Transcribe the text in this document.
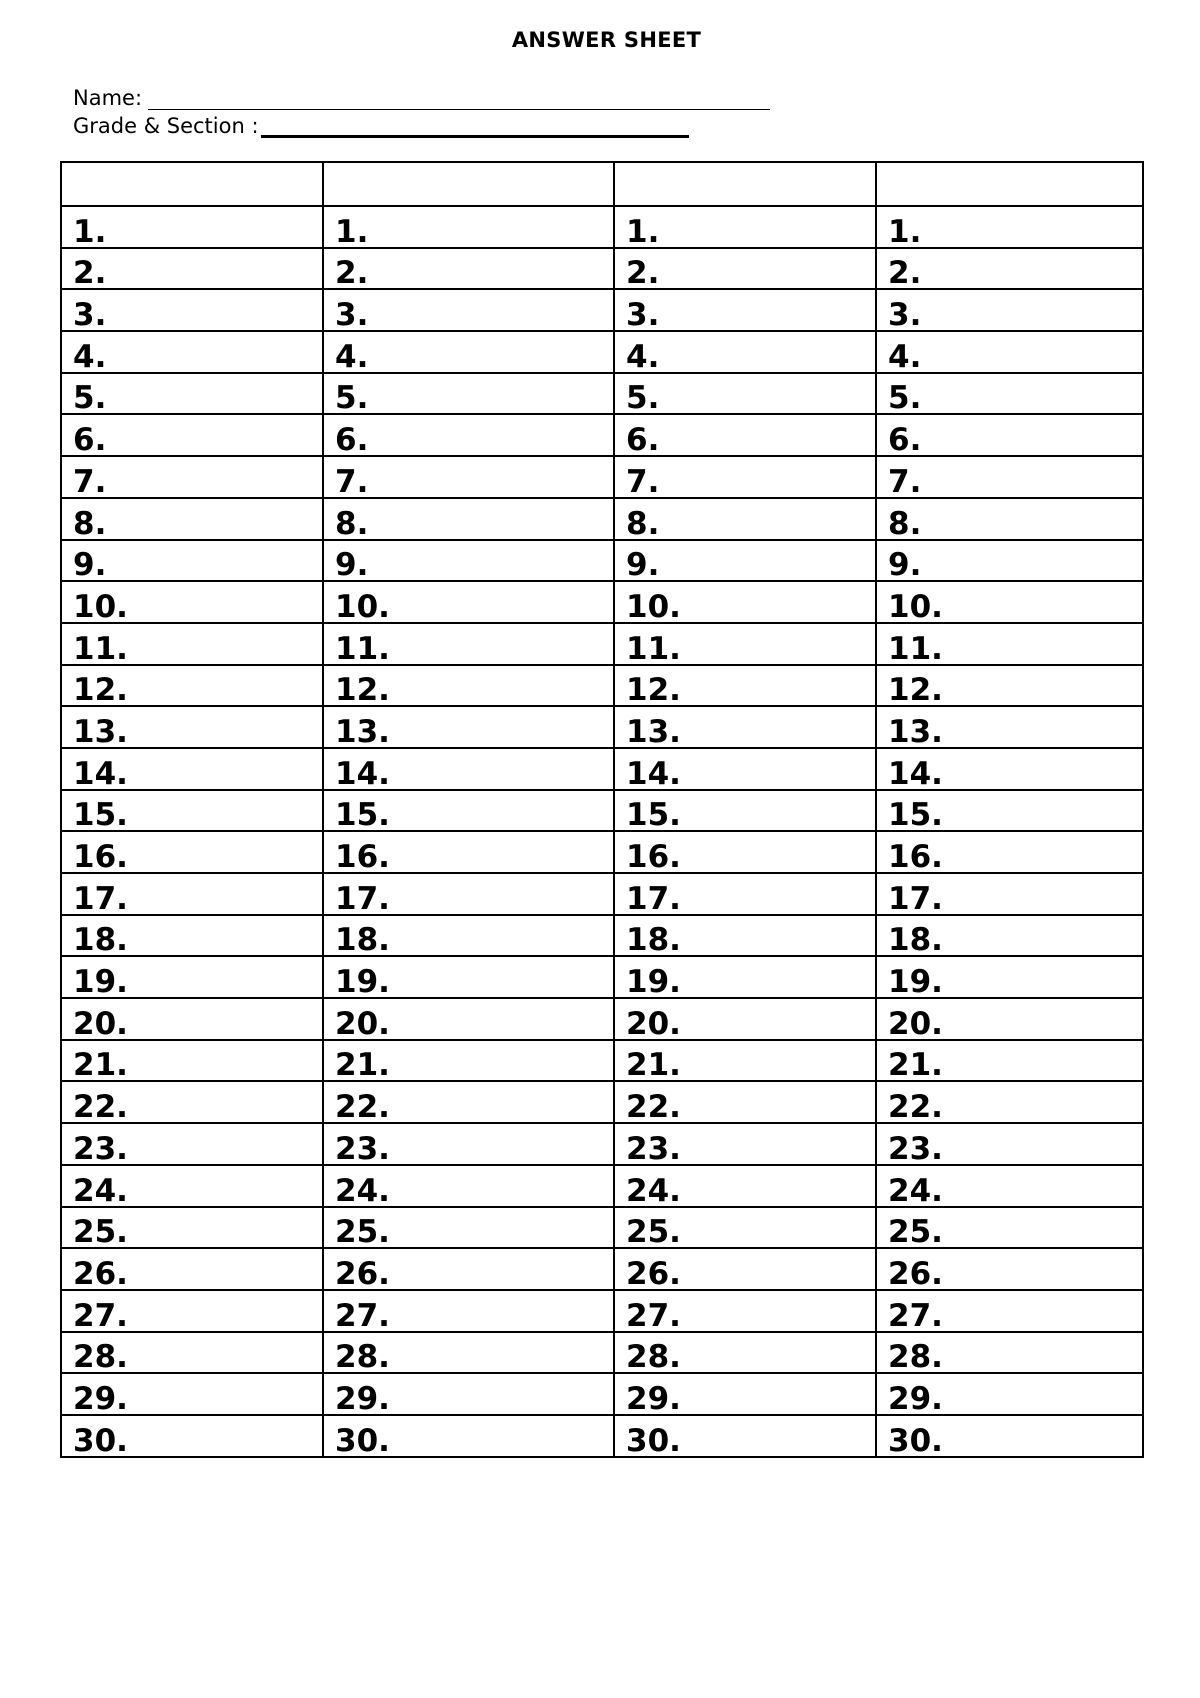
ANSWER SHEET
Name:
Grade & Section :

1.	1.	1.	1.
2.	2.	2.	2.
3.	3.	3.	3.
4.	4.	4.	4.
5.	5.	5.	5.
6.	6.	6.	6.
7.	7.	7.	7.
8.	8.	8.	8.
9.	9.	9.	9.
10.	10.	10.	10.
11.	11.	11.	11.
12.	12.	12.	12.
13.	13.	13.	13.
14.	14.	14.	14.
15.	15.	15.	15.
16.	16.	16.	16.
17.	17.	17.	17.
18.	18.	18.	18.
19.	19.	19.	19.
20.	20.	20.	20.
21.	21.	21.	21.
22.	22.	22.	22.
23.	23.	23.	23.
24.	24.	24.	24.
25.	25.	25.	25.
26.	26.	26.	26.
27.	27.	27.	27.
28.	28.	28.	28.
29.	29.	29.	29.
30.	30.	30.	30.
